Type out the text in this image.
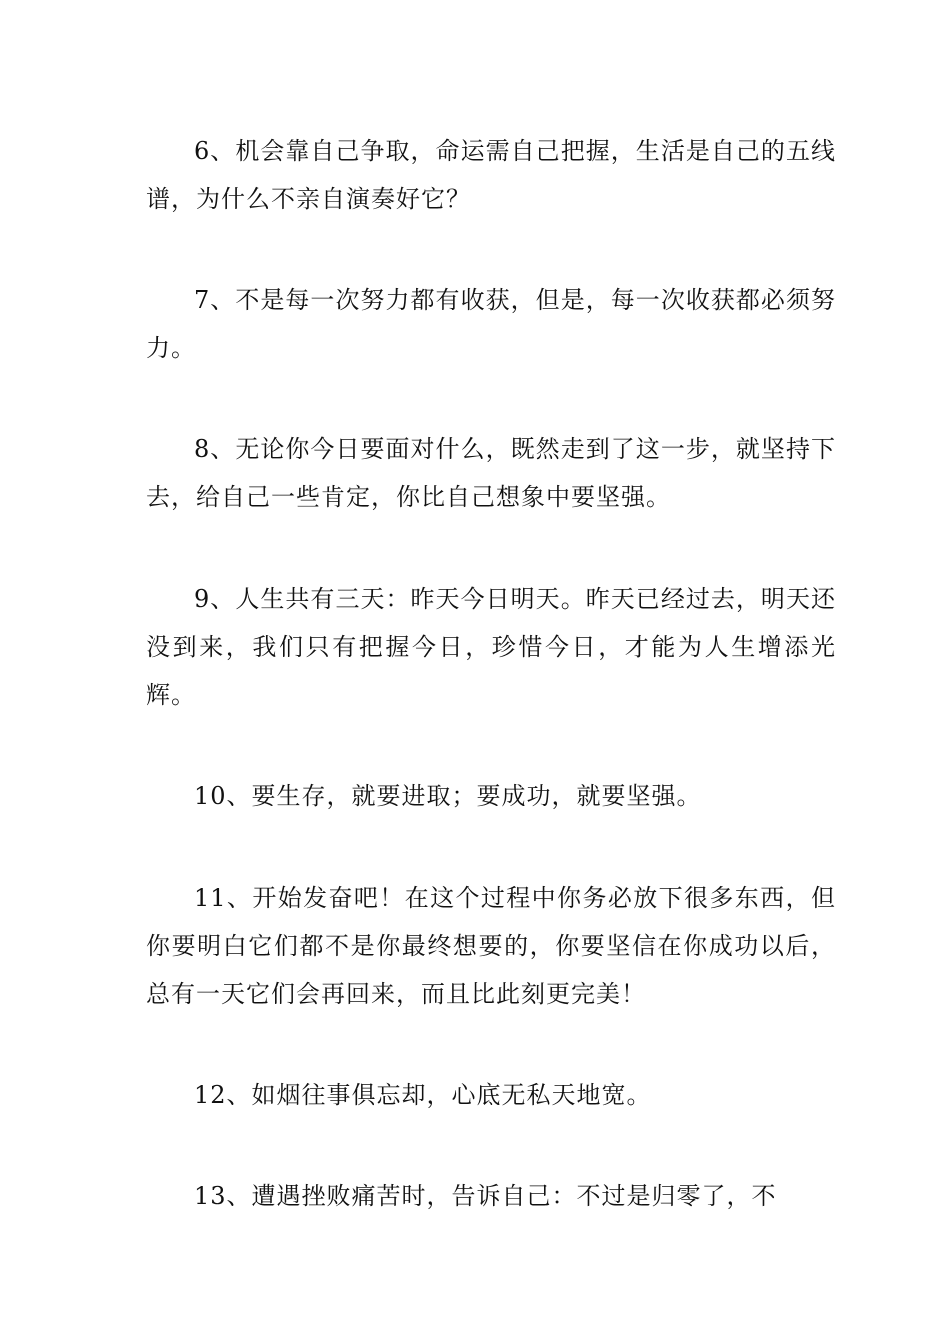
6、机会靠自己争取，命运需自己把握，生活是自己的五线谱，为什么不亲自演奏好它？

7、不是每一次努力都有收获，但是，每一次收获都必须努力。

8、无论你今日要面对什么，既然走到了这一步，就坚持下去，给自己一些肯定，你比自己想象中要坚强。

9、人生共有三天：昨天今日明天。昨天已经过去，明天还没到来，我们只有把握今日，珍惜今日，才能为人生增添光辉。

10、要生存，就要进取；要成功，就要坚强。

11、开始发奋吧！在这个过程中你务必放下很多东西，但你要明白它们都不是你最终想要的，你要坚信在你成功以后，总有一天它们会再回来，而且比此刻更完美！

12、如烟往事俱忘却，心底无私天地宽。

13、遭遇挫败痛苦时，告诉自己：不过是归零了，不
